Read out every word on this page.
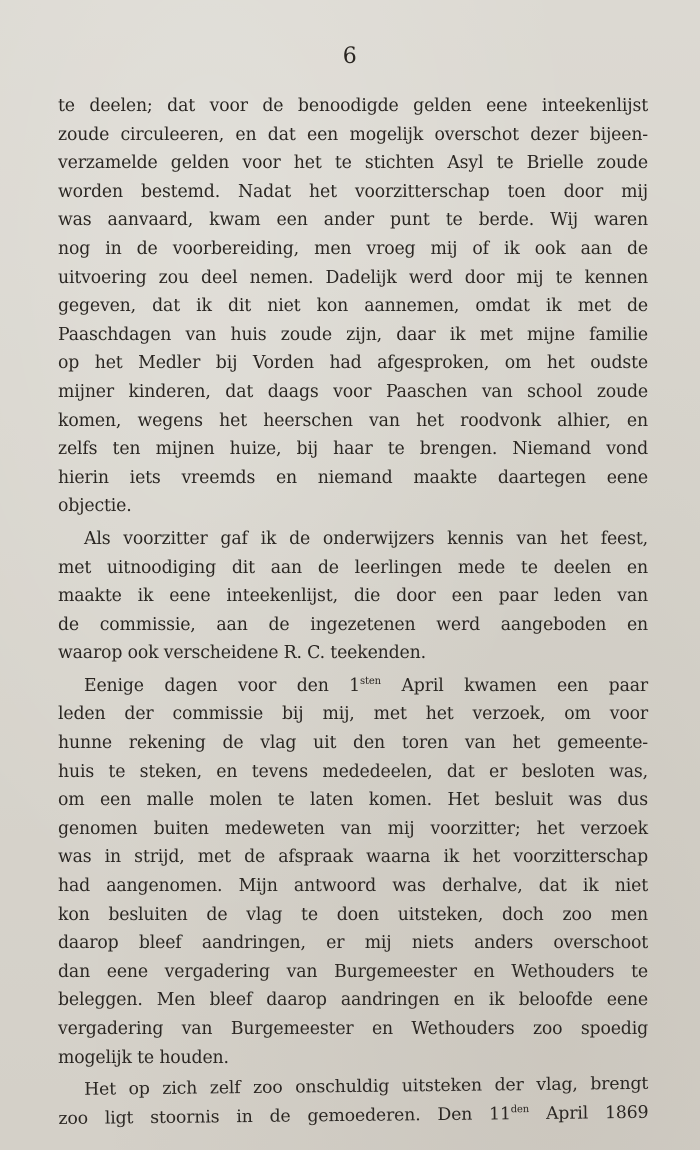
6
te deelen; dat voor de benoodigde gelden eene inteekenlijst
zoude circuleeren, en dat een mogelijk overschot dezer bijeen-
verzamelde gelden voor het te stichten Asyl te Brielle zoude
worden bestemd. Nadat het voorzitterschap toen door mij
was aanvaard, kwam een ander punt te berde. Wij waren
nog in de voorbereiding, men vroeg mij of ik ook aan de
uitvoering zou deel nemen. Dadelijk werd door mij te kennen
gegeven, dat ik dit niet kon aannemen, omdat ik met de
Paaschdagen van huis zoude zijn, daar ik met mijne familie
op het Medler bij Vorden had afgesproken, om het oudste
mijner kinderen, dat daags voor Paaschen van school zoude
komen, wegens het heerschen van het roodvonk alhier, en
zelfs ten mijnen huize, bij haar te brengen. Niemand vond
hierin iets vreemds en niemand maakte daartegen eene
objectie.
Als voorzitter gaf ik de onderwijzers kennis van het feest,
met uitnoodiging dit aan de leerlingen mede te deelen en
maakte ik eene inteekenlijst, die door een paar leden van
de commissie, aan de ingezetenen werd aangeboden en
waarop ook verscheidene R. C. teekenden.
Eenige dagen voor den $1^{sten}$ April kwamen een paar
leden der commissie bij mij, met het verzoek, om voor
hunne rekening de vlag uit den toren van het gemeente-
huis te steken, en tevens mededeelen, dat er besloten was,
om een malle molen te laten komen. Het besluit was dus
genomen buiten medeweten van mij voorzitter; het verzoek
was in strijd, met de afspraak waarna ik het voorzitterschap
had aangenomen. Mijn antwoord was derhalve, dat ik niet
kon besluiten de vlag te doen uitsteken, doch zoo men
daarop bleef aandringen, er mij niets anders overschoot
dan eene vergadering van Burgemeester en Wethouders te
beleggen. Men bleef daarop aandringen en ik beloofde eene
vergadering van Burgemeester en Wethouders zoo spoedig
mogelijk te houden.
Het op zich zelf zoo onschuldig uitsteken der vlag, brengt
zoo ligt stoornis in de gemoederen. Den $11^{den}$ April 1869
